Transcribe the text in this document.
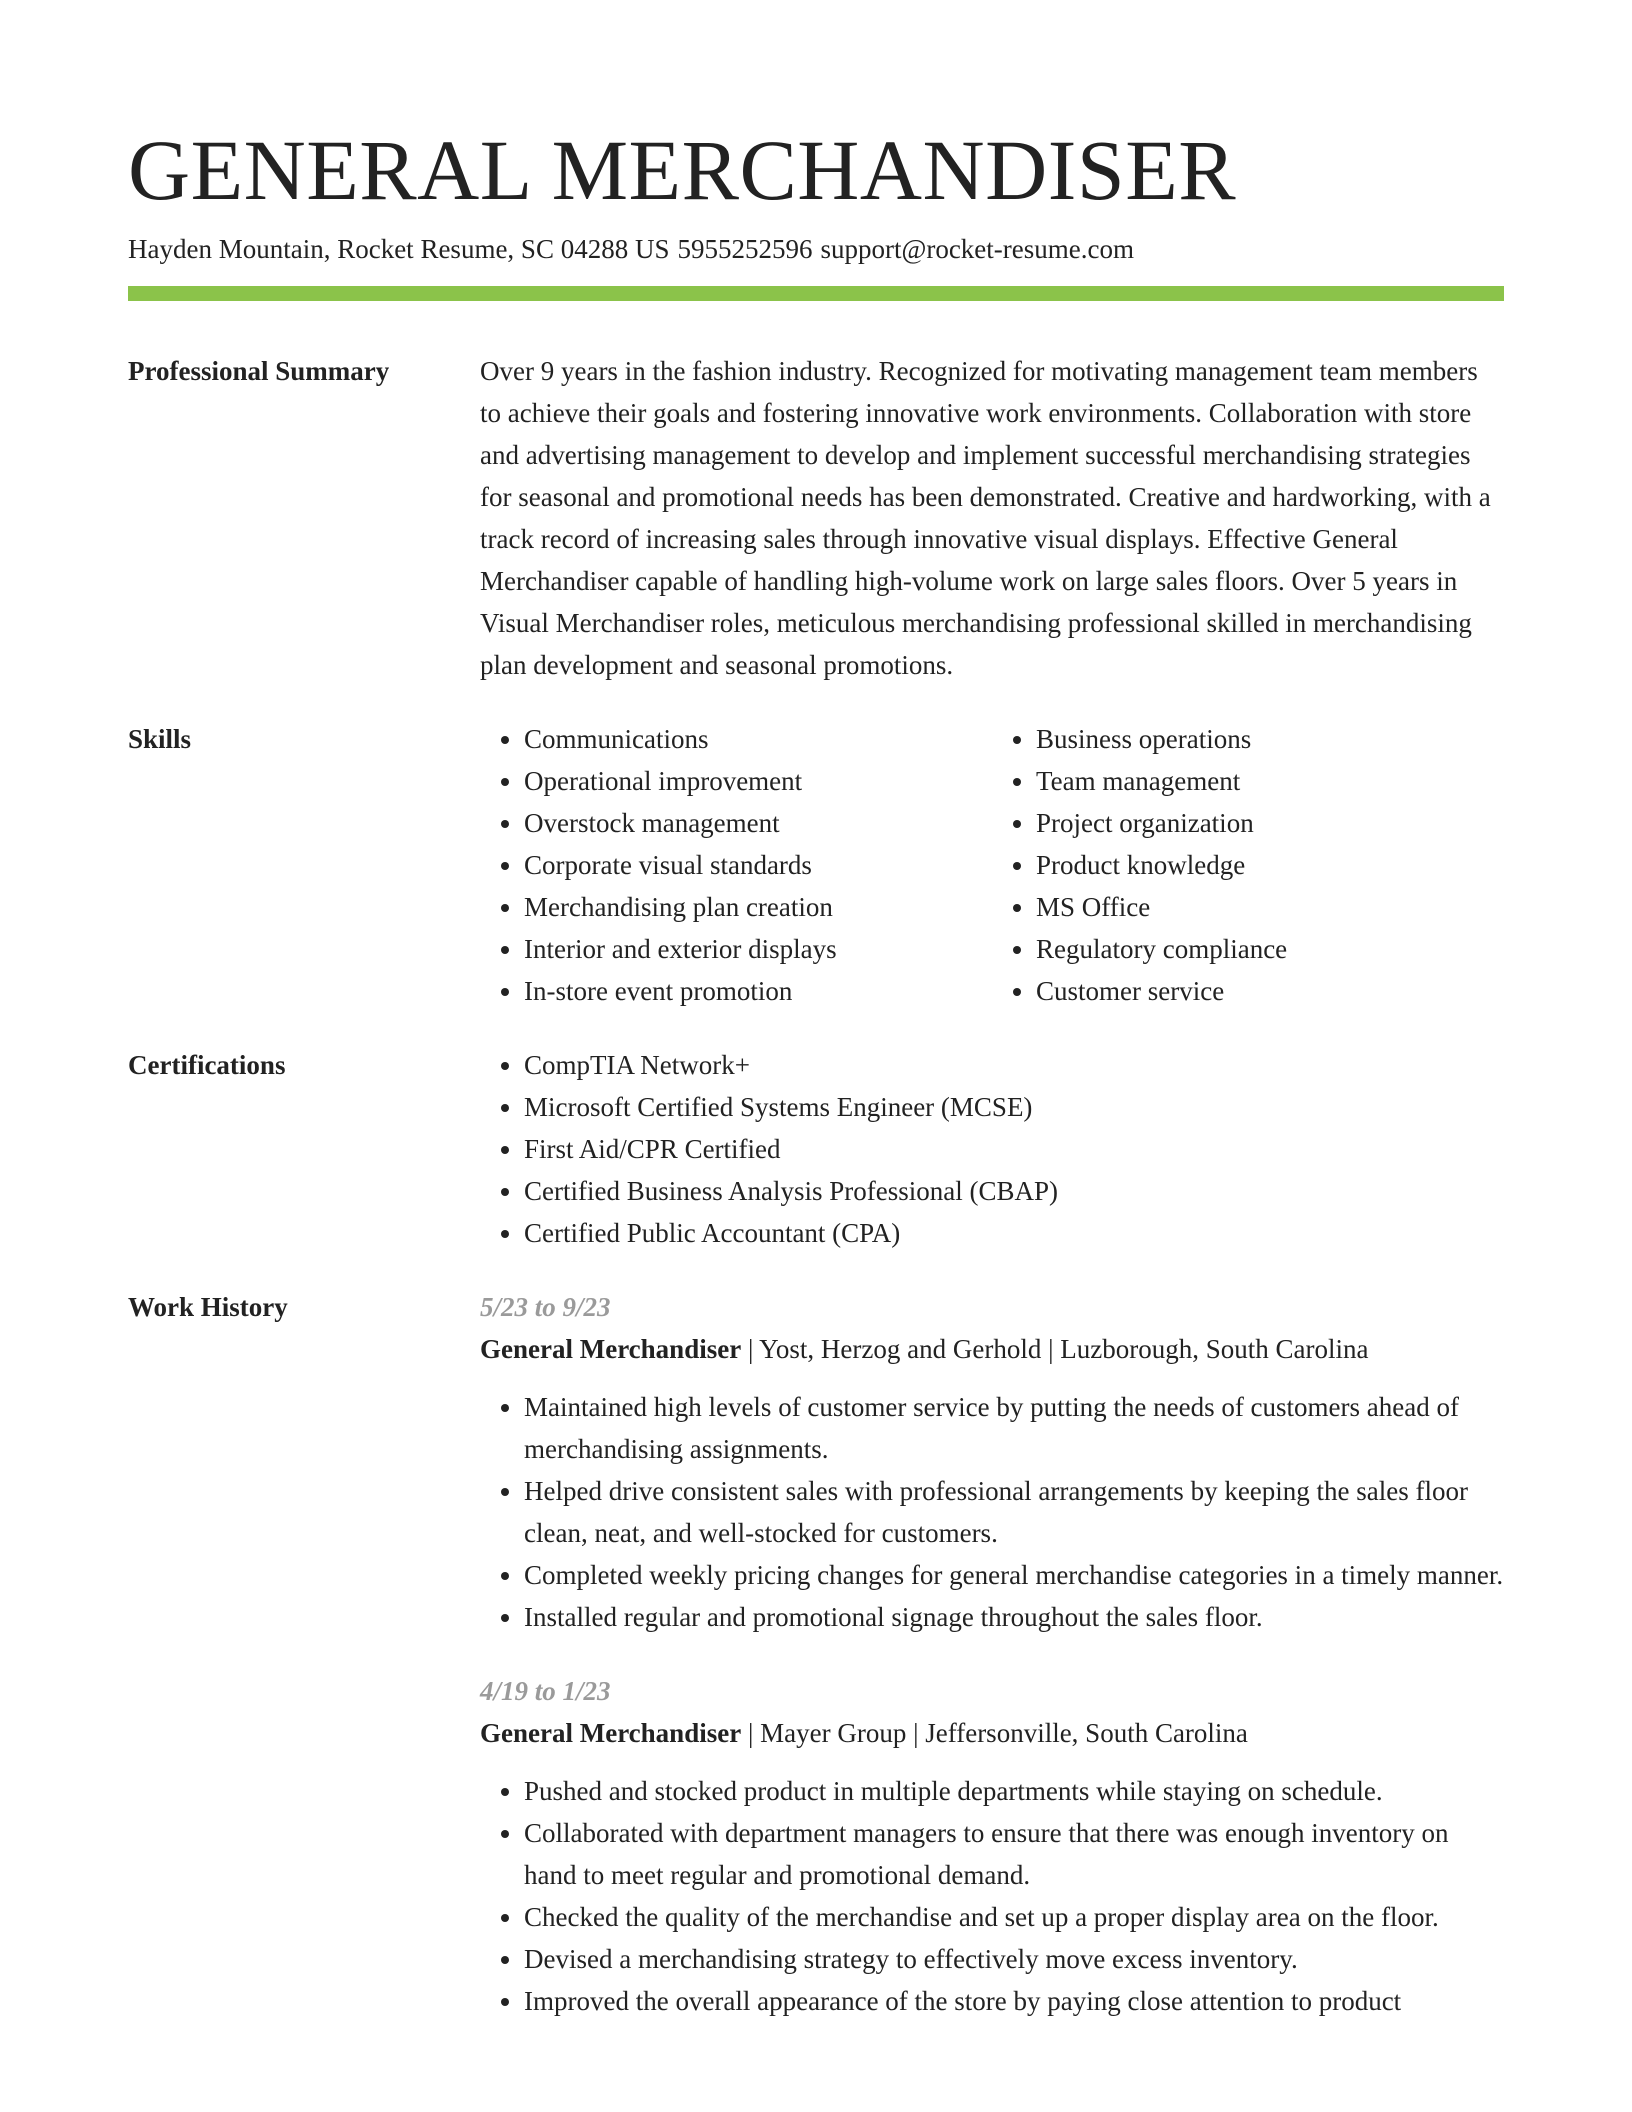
GENERAL MERCHANDISER
Hayden Mountain, Rocket Resume, SC 04288 US 5955252596 support@rocket-resume.com
Professional Summary	Over 9 years in the fashion industry. Recognized for motivating management team members to achieve their goals and fostering innovative work environments. Collaboration with store and advertising management to develop and implement successful merchandising strategies for seasonal and promotional needs has been demonstrated. Creative and hardworking, with a track record of increasing sales through innovative visual displays. Effective General Merchandiser capable of handling high-volume work on large sales floors. Over 5 years in Visual Merchandiser roles, meticulous merchandising professional skilled in merchandising plan development and seasonal promotions.

Skills	• Communications
• Operational improvement
• Overstock management
• Corporate visual standards
• Merchandising plan creation
• Interior and exterior displays
• In-store event promotion
• Business operations
• Team management
• Project organization
• Product knowledge
• MS Office
• Regulatory compliance
• Customer service
Certifications	• CompTIA Network+
• Microsoft Certified Systems Engineer (MCSE)
• First Aid/CPR Certified
• Certified Business Analysis Professional (CBAP)
• Certified Public Accountant (CPA)
Work History	5/23 to 9/23
General Merchandiser | Yost, Herzog and Gerhold | Luzborough, South Carolina
• Maintained high levels of customer service by putting the needs of customers ahead of merchandising assignments.
• Helped drive consistent sales with professional arrangements by keeping the sales floor clean, neat, and well-stocked for customers.
• Completed weekly pricing changes for general merchandise categories in a timely manner.
• Installed regular and promotional signage throughout the sales floor.
4/19 to 1/23
General Merchandiser | Mayer Group | Jeffersonville, South Carolina
• Pushed and stocked product in multiple departments while staying on schedule.
• Collaborated with department managers to ensure that there was enough inventory on hand to meet regular and promotional demand.
• Checked the quality of the merchandise and set up a proper display area on the floor.
• Devised a merchandising strategy to effectively move excess inventory.
• Improved the overall appearance of the store by paying close attention to product
